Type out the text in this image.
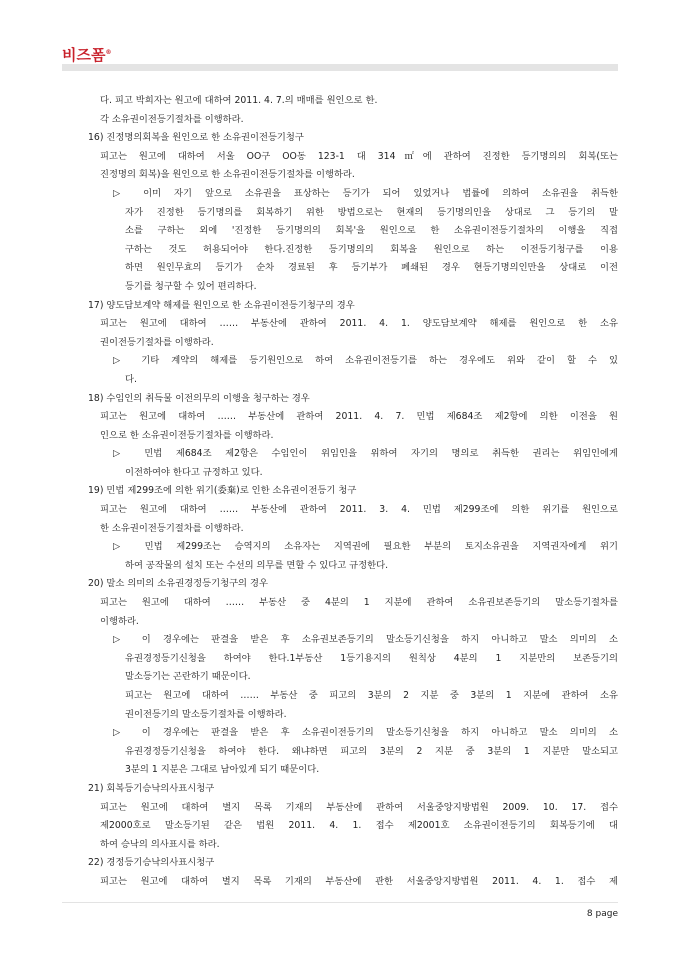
비즈폼®
다. 피고 박희자는 원고에 대하여 2011. 4. 7.의 매매를 원인으로 한.
각 소유권이전등기절차를 이행하라.
16) 진정명의회복을 원인으로 한 소유권이전등기청구
피고는 원고에 대하여 서울 OO구 OO동 123-1 대 314㎡에 관하여 진정한 등기명의의 회복(또는
진정명의 회복)을 원인으로 한 소유권이전등기절차를 이행하라.
▷ 이미 자기 앞으로 소유권을 표상하는 등기가 되어 있었거나 법률에 의하여 소유권을 취득한
자가 진정한 등기명의를 회복하기 위한 방법으로는 현재의 등기명의인을 상대로 그 등기의 말
소를 구하는 외에 '진정한 등기명의의 회복'을 원인으로 한 소유권이전등기절차의 이행을 직접
구하는 것도 허용되어야 한다.진정한 등기명의의 회복을 원인으로 하는 이전등기청구를 이용
하면 원인무효의 등기가 순차 경료된 후 등기부가 폐쇄된 경우 현등기명의인만을 상대로 이전
등기를 청구할 수 있어 편리하다.
17) 양도담보계약 해제를 원인으로 한 소유권이전등기청구의 경우
피고는 원고에 대하여 …… 부동산에 관하여 2011. 4. 1. 양도담보계약 해제를 원인으로 한 소유
권이전등기절차를 이행하라.
▷ 기타 계약의 해제를 등기원인으로 하여 소유권이전등기를 하는 경우에도 위와 같이 할 수 있
다.
18) 수임인의 취득물 이전의무의 이행을 청구하는 경우
피고는 원고에 대하여 …… 부동산에 관하여 2011. 4. 7. 민법 제684조 제2항에 의한 이전을 원
인으로 한 소유권이전등기절차를 이행하라.
▷ 민법 제684조 제2항은 수임인이 위임인을 위하여 자기의 명의로 취득한 권리는 위임인에게
이전하여야 한다고 규정하고 있다.
19) 민법 제299조에 의한 위기(委棄)로 인한 소유권이전등기 청구
피고는 원고에 대하여 …… 부동산에 관하여 2011. 3. 4. 민법 제299조에 의한 위기를 원인으로
한 소유권이전등기절차를 이행하라.
▷ 민법 제299조는 승역지의 소유자는 지역권에 필요한 부분의 토지소유권을 지역권자에게 위기
하여 공작물의 설치 또는 수선의 의무를 면할 수 있다고 규정한다.
20) 말소 의미의 소유권경정등기청구의 경우
피고는 원고에 대하여 …… 부동산 중 4분의 1 지분에 관하여 소유권보존등기의 말소등기절차를
이행하라.
▷ 이 경우에는 판결을 받은 후 소유권보존등기의 말소등기신청을 하지 아니하고 말소 의미의 소
유권경정등기신청을 하여야 한다.1부동산 1등기용지의 원칙상 4분의 1 지분만의 보존등기의
말소등기는 곤란하기 때문이다.
피고는 원고에 대하여 …… 부동산 중 피고의 3분의 2 지분 중 3분의 1 지분에 관하여 소유
권이전등기의 말소등기절차를 이행하라.
▷ 이 경우에는 판결을 받은 후 소유권이전등기의 말소등기신청을 하지 아니하고 말소 의미의 소
유권경정등기신청을 하여야 한다. 왜냐하면 피고의 3분의 2 지분 중 3분의 1 지분만 말소되고
3분의 1 지분은 그대로 남아있게 되기 때문이다.
21) 회복등기승낙의사표시청구
피고는 원고에 대하여 별지 목록 기재의 부동산에 관하여 서울중앙지방법원 2009. 10. 17. 접수
제2000호로 말소등기된 같은 법원 2011. 4. 1. 접수 제2001호 소유권이전등기의 회복등기에 대
하여 승낙의 의사표시를 하라.
22) 경정등기승낙의사표시청구
피고는 원고에 대하여 별지 목록 기재의 부동산에 관한 서울중앙지방법원 2011. 4. 1. 접수 제
8 page
